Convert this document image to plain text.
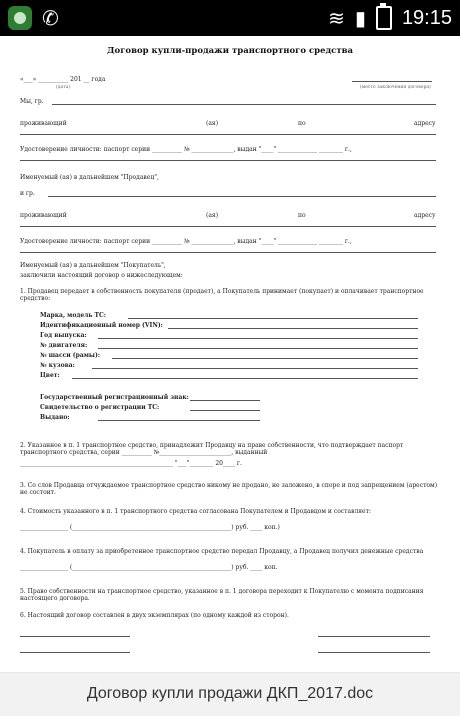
✆	≋ ▮ 19:15
Договор купли-продажи транспортного средства
«___» __________ 201 __ года
(дата)	(место заключения договора)
Мы, гр.
проживающий	(ая)	по	адресу
Удостоверение личности: паспорт серии __________ № ______________, выдан "____" _____________ ________ г.,
Именуемый (ая) в дальнейшем "Продавец",
и гр.
проживающий	(ая)	по	адресу
Удостоверение личности: паспорт серии __________ № ______________, выдан "____" _____________ ________ г.,
Именуемый (ая) в дальнейшем "Покупатель",
заключили настоящий договор о нижеследующем:
1. Продавец передает в собственность покупателя (продает), а Покупатель принимает (покупает) и оплачивает транспортное средство:
Марка, модель ТС:
Идентификационный номер (VIN):
Год выпуска:
№ двигателя:
№ шасси (рамы):
№ кузова:
Цвет:
Государственный регистрационный знак:
Свидетельство о регистрации ТС:
Выдано:
2. Указанное в п. 1 транспортное средство, принадлежит Продавцу на праве собственности, что подтверждает паспорт транспортного средства, серии __________ №________________________, выданный
___________________________________________________ "___"________ 20____ г.
3. Со слов Продавца отчуждаемое транспортное средство никому не продано, не заложено, в споре и под запрещением (арестом) не состоит.
4. Стоимость указанного в п. 1 транспортного средства согласована Покупателем и Продавцом и составляет:
________________ (_____________________________________________________) руб. ____ коп.)
4. Покупатель в оплату за приобретенное транспортное средство передал Продавцу, а Продавец получил денежные средства
________________ (_____________________________________________________) руб. ____ коп.
5. Право собственности на транспортное средство, указанное в п. 1 договора переходит к Покупателю с момента подписания настоящего договора.
6. Настоящий договор составлен в двух экземплярах (по одному каждой из сторон).
Договор купли продажи ДКП_2017.doc
